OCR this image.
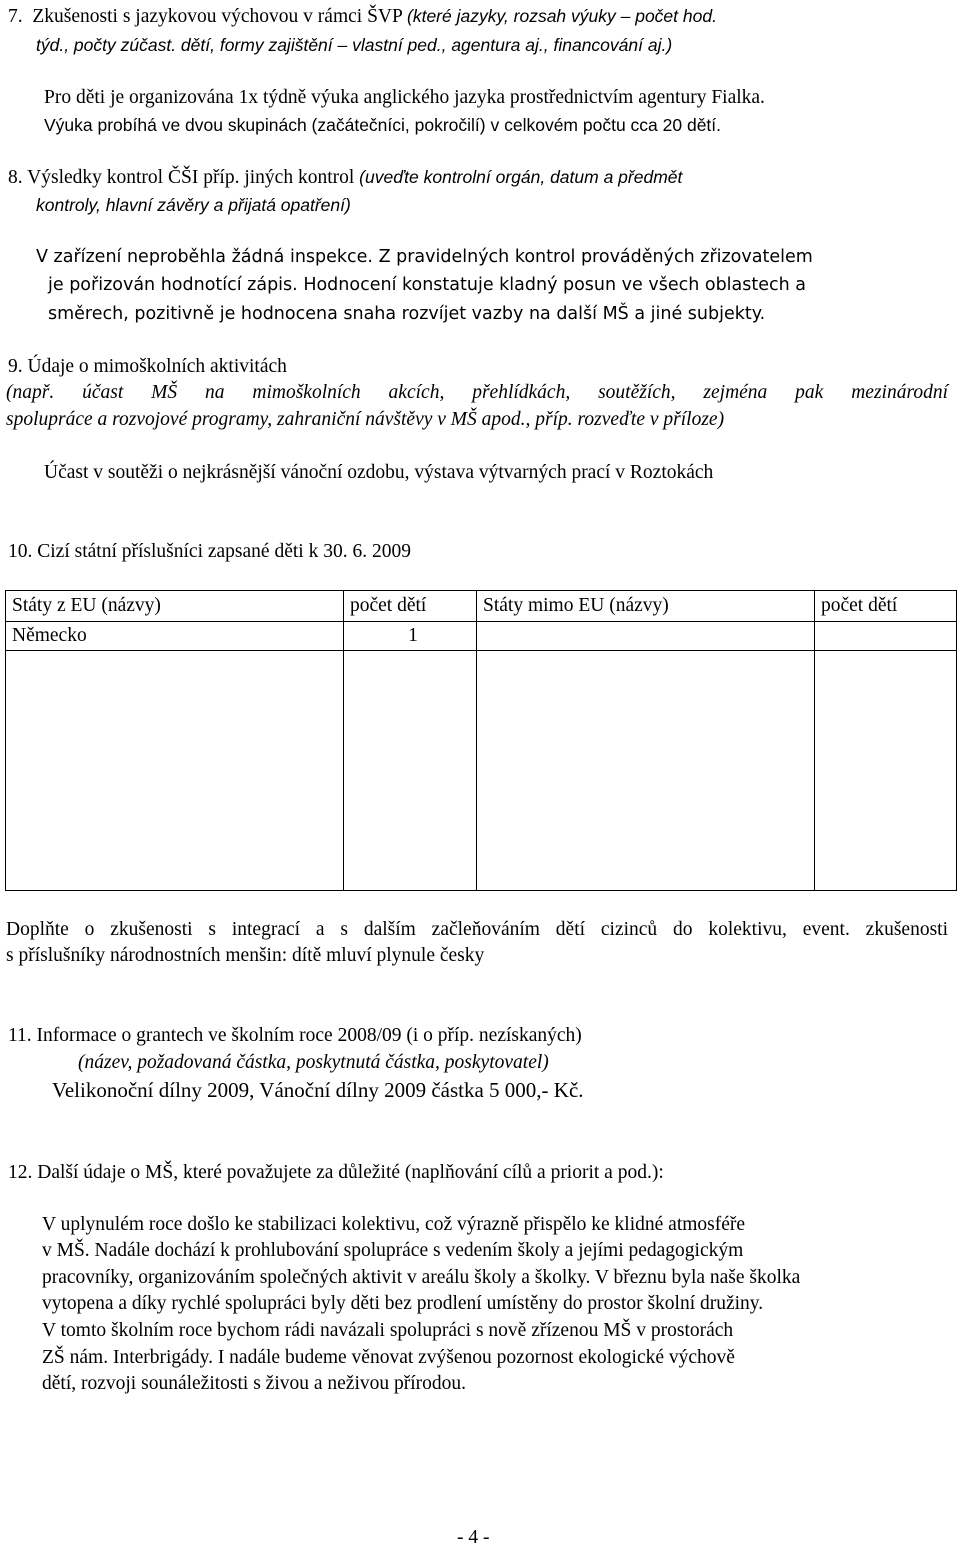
7. Zkušenosti s jazykovou výchovou v rámci ŠVP (které jazyky, rozsah výuky – počet hod.
týd., počty zúčast. dětí, formy zajištění – vlastní ped., agentura aj., financování aj.)
Pro děti je organizována 1x týdně výuka anglického jazyka prostřednictvím agentury Fialka.
Výuka probíhá ve dvou skupinách (začátečníci, pokročilí) v celkovém počtu cca 20 dětí.
8. Výsledky kontrol ČŠI příp. jiných kontrol (uveďte kontrolní orgán, datum a předmět
kontroly, hlavní závěry a přijatá opatření)
V zařízení neproběhla žádná inspekce. Z pravidelných kontrol prováděných zřizovatelem
je pořizován hodnotící zápis. Hodnocení konstatuje kladný posun ve všech oblastech a
směrech, pozitivně je hodnocena snaha rozvíjet vazby na další MŠ a jiné subjekty.
9. Údaje o mimoškolních aktivitách
(např. účast MŠ na mimoškolních akcích, přehlídkách, soutěžích, zejména pak mezinárodní
spolupráce a rozvojové programy, zahraniční návštěvy v MŠ apod., příp. rozveďte v příloze)
Účast v soutěži o nejkrásnější vánoční ozdobu, výstava výtvarných prací v Roztokách
10. Cizí státní příslušníci zapsané děti k 30. 6. 2009
Státy z EU (názvy)	počet dětí	Státy mimo EU (názvy)	počet dětí
Německo	1		

Doplňte o zkušenosti s integrací a s dalším začleňováním dětí cizinců do kolektivu, event. zkušenosti
s příslušníky národnostních menšin: dítě mluví plynule česky
11. Informace o grantech ve školním roce 2008/09 (i o příp. nezískaných)
(název, požadovaná částka, poskytnutá částka, poskytovatel)
Velikonoční dílny 2009, Vánoční dílny 2009 částka 5 000,- Kč.
12. Další údaje o MŠ, které považujete za důležité (naplňování cílů a priorit a pod.):
V uplynulém roce došlo ke stabilizaci kolektivu, což výrazně přispělo ke klidné atmosféře
v MŠ. Nadále dochází k prohlubování spolupráce s vedením školy a jejími pedagogickým
pracovníky, organizováním společných aktivit v areálu školy a školky. V březnu byla naše školka
vytopena a díky rychlé spolupráci byly děti bez prodlení umístěny do prostor školní družiny.
V tomto školním roce bychom rádi navázali spolupráci s nově zřízenou MŠ v prostorách
ZŠ nám. Interbrigády. I nadále budeme věnovat zvýšenou pozornost ekologické výchově
dětí, rozvoji sounáležitosti s živou a neživou přírodou.
- 4 -
